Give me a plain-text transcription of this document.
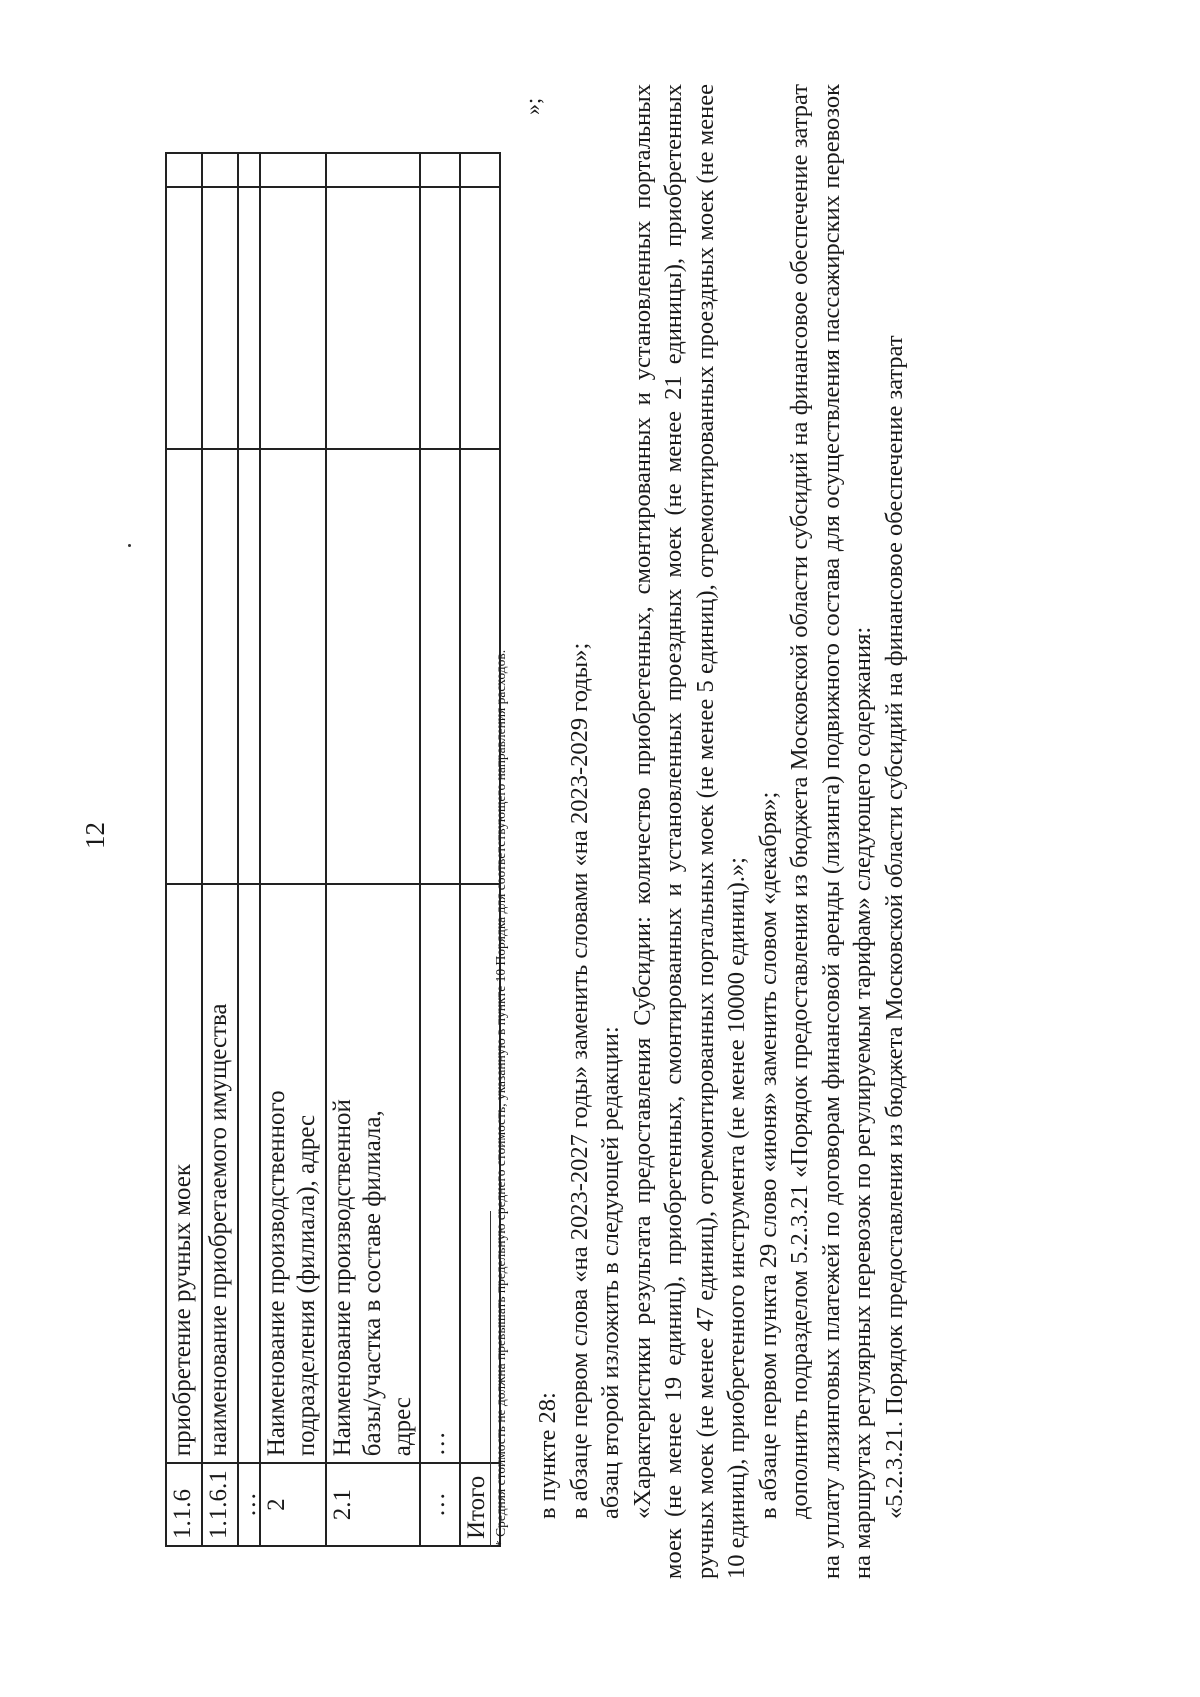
12
1.1.6	приобретение ручных моек			
1.1.6.1	наименование приобретаемого имущества			
…				
2	Наименование производственного подразделения (филиала), адрес			
2.1	Наименование производственной базы/участка в составе филиала, адрес			
…	…			
Итого				
»;
* Средняя стоимость не должна превышать предельную среднего стоимость, указанную в пункте 10 Порядка для соответствующего направления расходов. в пункте 28: в абзаце первом слова «на 2023-2027 годы» заменить словами «на 2023-2029 годы»; абзац второй изложить в следующей редакции: «Характеристики результата предоставления Субсидии: количество приобретенных, смонтированных и установленных портальных моек (не менее 19 единиц), приобретенных, смонтированных и установленных проездных моек (не менее 21 единицы), приобретенных ручных моек (не менее 47 единиц), отремонтированных портальных моек (не менее 5 единиц), отремонтированных проездных моек (не менее 10 единиц), приобретенного инструмента (не менее 10000 единиц).»; в абзаце первом пункта 29 слово «июня» заменить словом «декабря»; дополнить подразделом 5.2.3.21 «Порядок предоставления из бюджета Московской области субсидий на финансовое обеспечение затрат на уплату лизинговых платежей по договорам финансовой аренды (лизинга) подвижного состава для осуществления пассажирских перевозок на маршрутах регулярных перевозок по регулируемым тарифам» следующего содержания: «5.2.3.21. Порядок предоставления из бюджета Московской области субсидий на финансовое обеспечение затрат
